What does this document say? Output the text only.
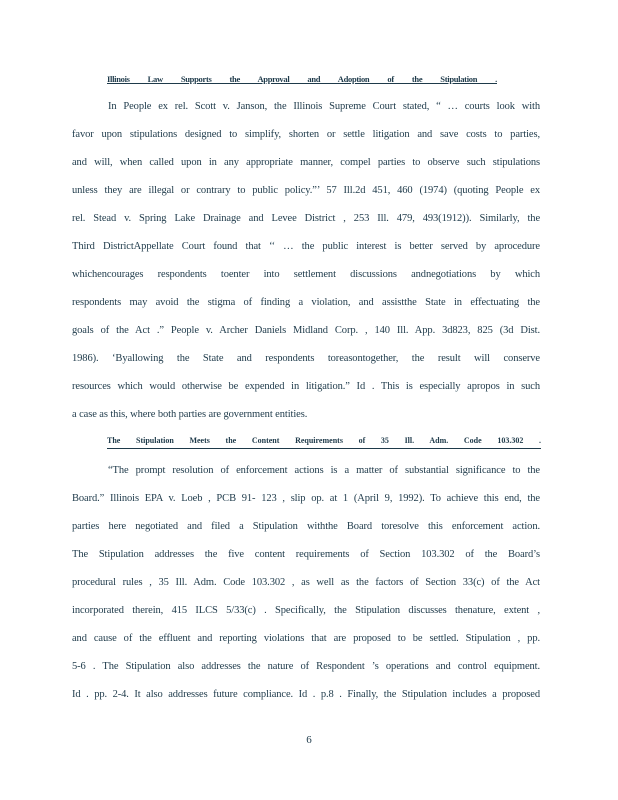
Illinois Law Supports the Approval and Adoption of the Stipulation .
In People ex rel. Scott v. Janson, the Illinois Supreme Court stated, “ … courts look with
favor upon stipulations designed to simplify, shorten or settle litigation and save costs to parties,
and will, when called upon in any appropriate manner, compel parties to observe such stipulations
unless they are illegal or contrary to public policy.”’ 57 Ill.2d 451, 460 (1974) (quoting People ex
rel. Stead v. Spring Lake Drainage and Levee District , 253 Ill. 479, 493(1912)). Similarly, the
Third DistrictAppellate Court found that ‘‘ … the public interest is better served by aprocedure
whichencourages respondents toenter into settlement discussions andnegotiations by which
respondents may avoid the stigma of finding a violation, and assistthe State in effectuating the
goals of the Act .” People v. Archer Daniels Midland Corp. , 140 Ill. App. 3d823, 825 (3d Dist.
1986). ‘Byallowing the State and respondents toreasontogether, the result will conserve
resources which would otherwise be expended in litigation.” Id . This is especially apropos in such
a case as this, where both parties are government entities.
The Stipulation Meets the Content Requirements of 35 Ill. Adm. Code 103.302 .
“The prompt resolution of enforcement actions is a matter of substantial significance to the
Board.” Illinois EPA v. Loeb , PCB 91- 123 , slip op. at 1 (April 9, 1992). To achieve this end, the
parties here negotiated and filed a Stipulation withthe Board toresolve this enforcement action.
The Stipulation addresses the five content requirements of Section 103.302 of the Board’s
procedural rules , 35 Ill. Adm. Code 103.302 , as well as the factors of Section 33(c) of the Act
incorporated therein, 415 ILCS 5/33(c) . Specifically, the Stipulation discusses thenature, extent ,
and cause of the effluent and reporting violations that are proposed to be settled. Stipulation , pp.
5-6 . The Stipulation also addresses the nature of Respondent ’s operations and control equipment.
Id . pp. 2-4. It also addresses future compliance. Id . p.8 . Finally, the Stipulation includes a proposed
6
